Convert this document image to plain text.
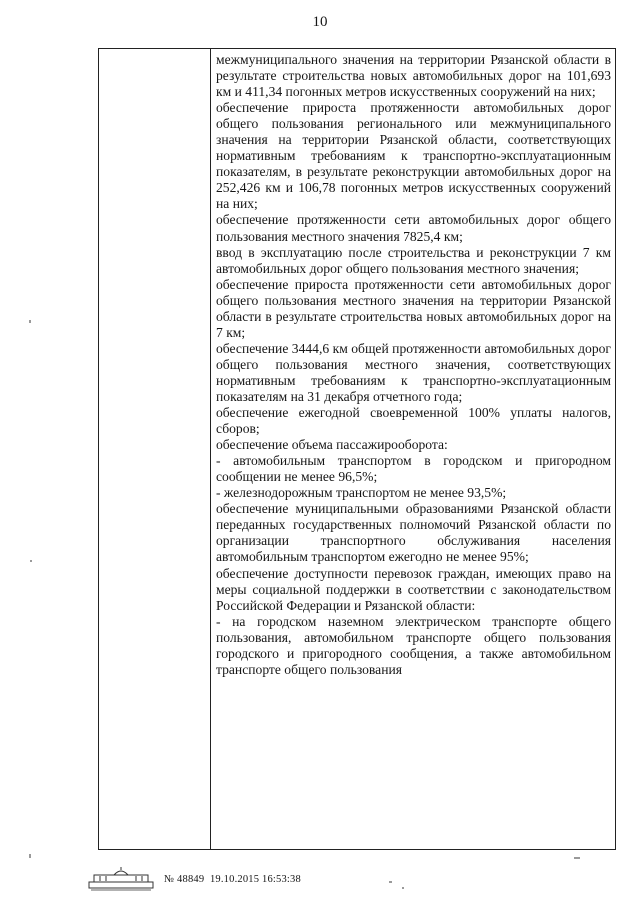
10

межмуниципального значения на территории Рязанской области в результате строительства новых автомобильных дорог на 101,693 км и 411,34 погонных метров искусственных сооружений на них;

обеспечение прироста протяженности автомобильных дорог общего пользования регионального или межмуниципального значения на территории Рязанской области, соответствующих нормативным требованиям к транспортно-эксплуатационным показателям, в результате реконструкции автомобильных дорог на 252,426 км и 106,78 погонных метров искусственных сооружений на них;

обеспечение протяженности сети автомобильных дорог общего пользования местного значения 7825,4 км;

ввод в эксплуатацию после строительства и реконструкции 7 км автомобильных дорог общего пользования местного значения;

обеспечение прироста протяженности сети автомобильных дорог общего пользования местного значения на территории Рязанской области в результате строительства новых автомобильных дорог на 7 км;

обеспечение 3444,6 км общей протяженности автомобильных дорог общего пользования местного значения, соответствующих нормативным требованиям к транспортно-эксплуатационным показателям на 31 декабря отчетного года;

обеспечение ежегодной своевременной 100% уплаты налогов, сборов;

обеспечение объема пассажирооборота:

- автомобильным транспортом в городском и пригородном сообщении не менее 96,5%;

- железнодорожным транспортом не менее 93,5%;

обеспечение муниципальными образованиями Рязанской области переданных государственных полномочий Рязанской области по организации транспортного обслуживания населения автомобильным транспортом ежегодно не менее 95%;

обеспечение доступности перевозок граждан, имеющих право на меры социальной поддержки в соответствии с законодательством Российской Федерации и Рязанской области:

- на городском наземном электрическом транспорте общего пользования, автомобильном транспорте общего пользования городского и пригородного сообщения, а также автомобильном транспорте общего пользования

№ 48849  19.10.2015 16:53:38
